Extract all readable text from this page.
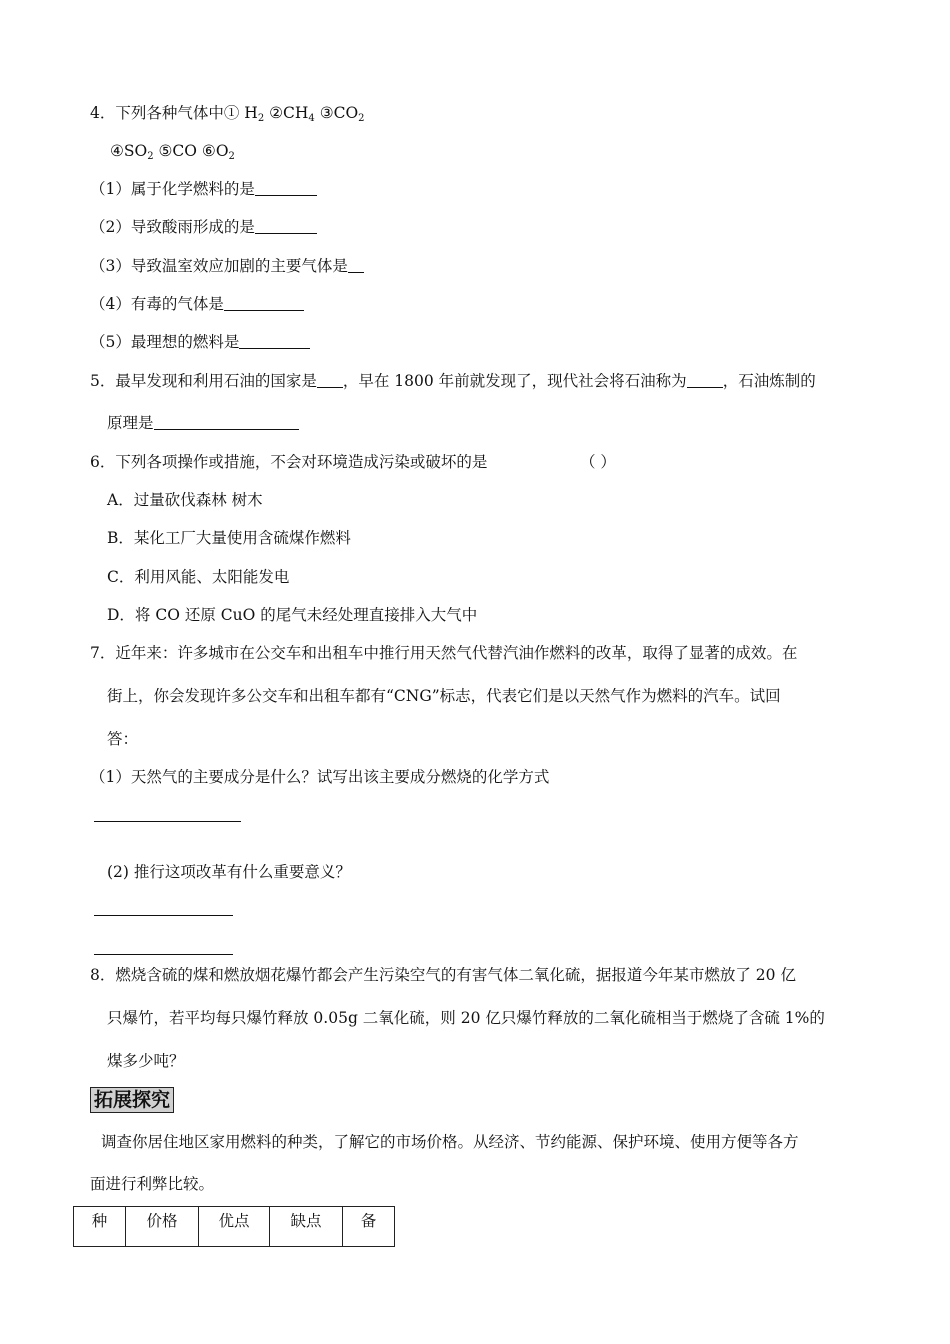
4．下列各种气体中① $H_2$ $②CH_4$ $③CO_2$
$④SO_2$ ⑤CO $⑥O_2$
（1）属于化学燃料的是
（2）导致酸雨形成的是
（3）导致温室效应加剧的主要气体是
（4）有毒的气体是
（5）最理想的燃料是
5．最早发现和利用石油的国家是 ，早在 1800 年前就发现了，现代社会将石油称为 ，石油炼制的
原理是
6．下列各项操作或措施，不会对环境造成污染或破坏的是	（ ）
A．过量砍伐森林 树木
B．某化工厂大量使用含硫煤作燃料
C．利用风能、太阳能发电
D．将 CO 还原 CuO 的尾气未经处理直接排入大气中
7．近年来：许多城市在公交车和出租车中推行用天然气代替汽油作燃料的改革，取得了显著的成效。在
街上，你会发现许多公交车和出租车都有“CNG”标志，代表它们是以天然气作为燃料的汽车。试回
答：
（1）天然气的主要成分是什么？试写出该主要成分燃烧的化学方式
(2) 推行这项改革有什么重要意义？
8．燃烧含硫的煤和燃放烟花爆竹都会产生污染空气的有害气体二氧化硫，据报道今年某市燃放了 20 亿
只爆竹，若平均每只爆竹释放 0.05g 二氧化硫，则 20 亿只爆竹释放的二氧化硫相当于燃烧了含硫 1%的
煤多少吨？
拓展探究
调查你居住地区家用燃料的种类，了解它的市场价格。从经济、节约能源、保护环境、使用方便等各方
面进行利弊比较。
种	价格	优点	缺点	备
